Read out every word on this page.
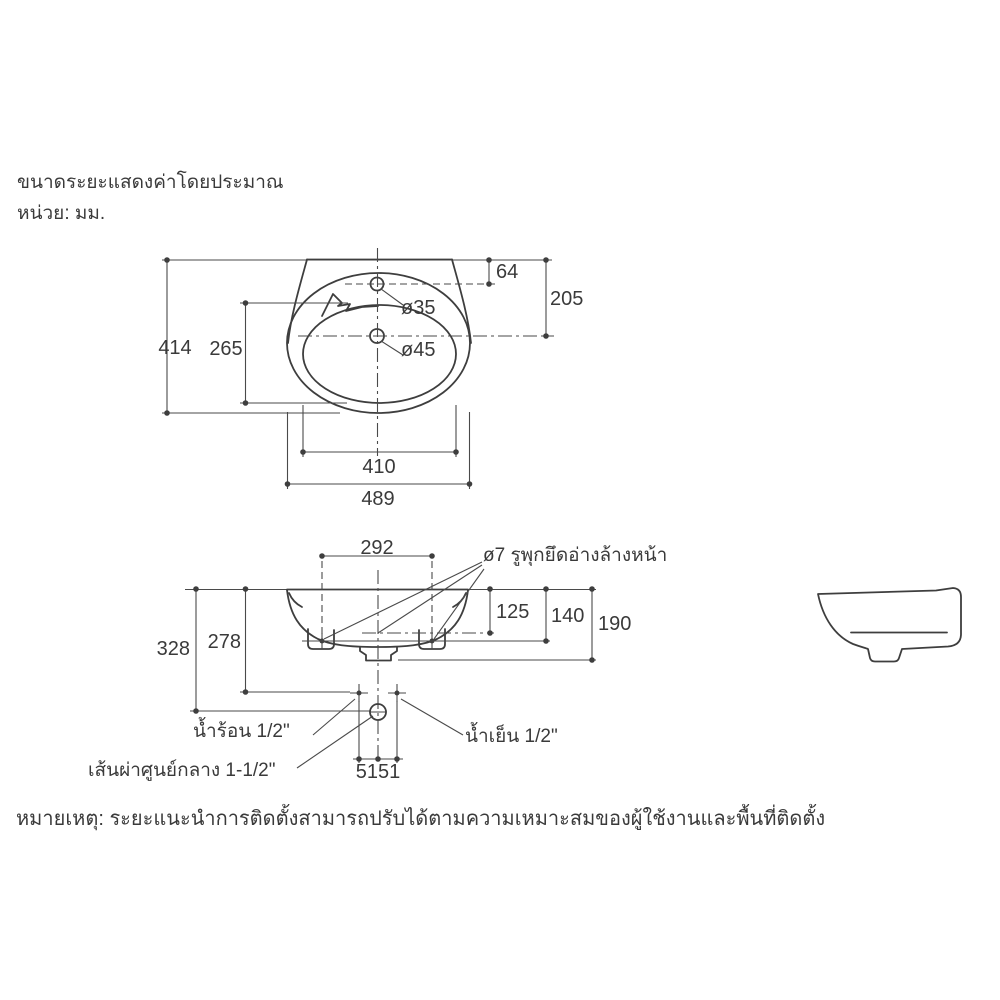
ขนาดระยะแสดงค่าโดยประมาณ
หน่วย: มม.
414 265
64
205
ø35
ø45
410
489
292	ø7 รูพุกยึดอ่างล้างหน้า
125 140 190
278
328
5151
น้ำร้อน 1/2"	น้ำเย็น 1/2"
เส้นผ่าศูนย์กลาง 1-1/2"
หมายเหตุ: ระยะแนะนำการติดตั้งสามารถปรับได้ตามความเหมาะสมของผู้ใช้งานและพื้นที่ติดตั้ง
